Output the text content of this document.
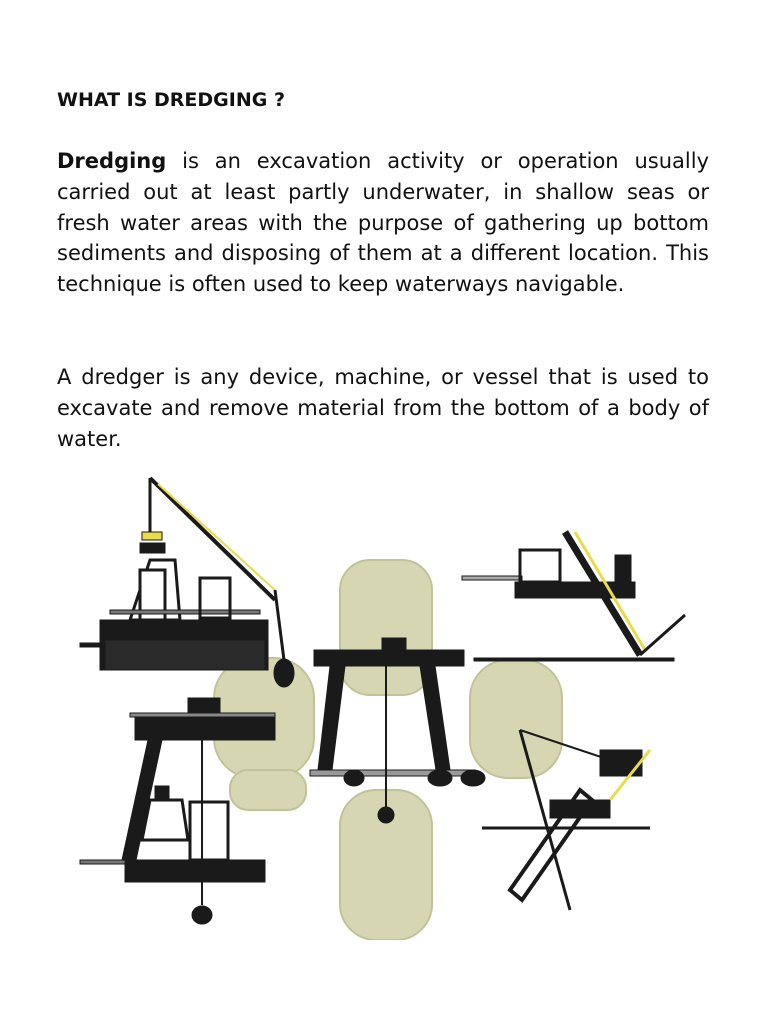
WHAT IS DREDGING ?

Dredging is an excavation activity or operation usually carried out at least partly underwater, in shallow seas or fresh water areas with the purpose of gathering up bottom sediments and disposing of them at a different location. This technique is often used to keep waterways navigable.

A dredger is any device, machine, or vessel that is used to excavate and remove material from the bottom of a body of water.
